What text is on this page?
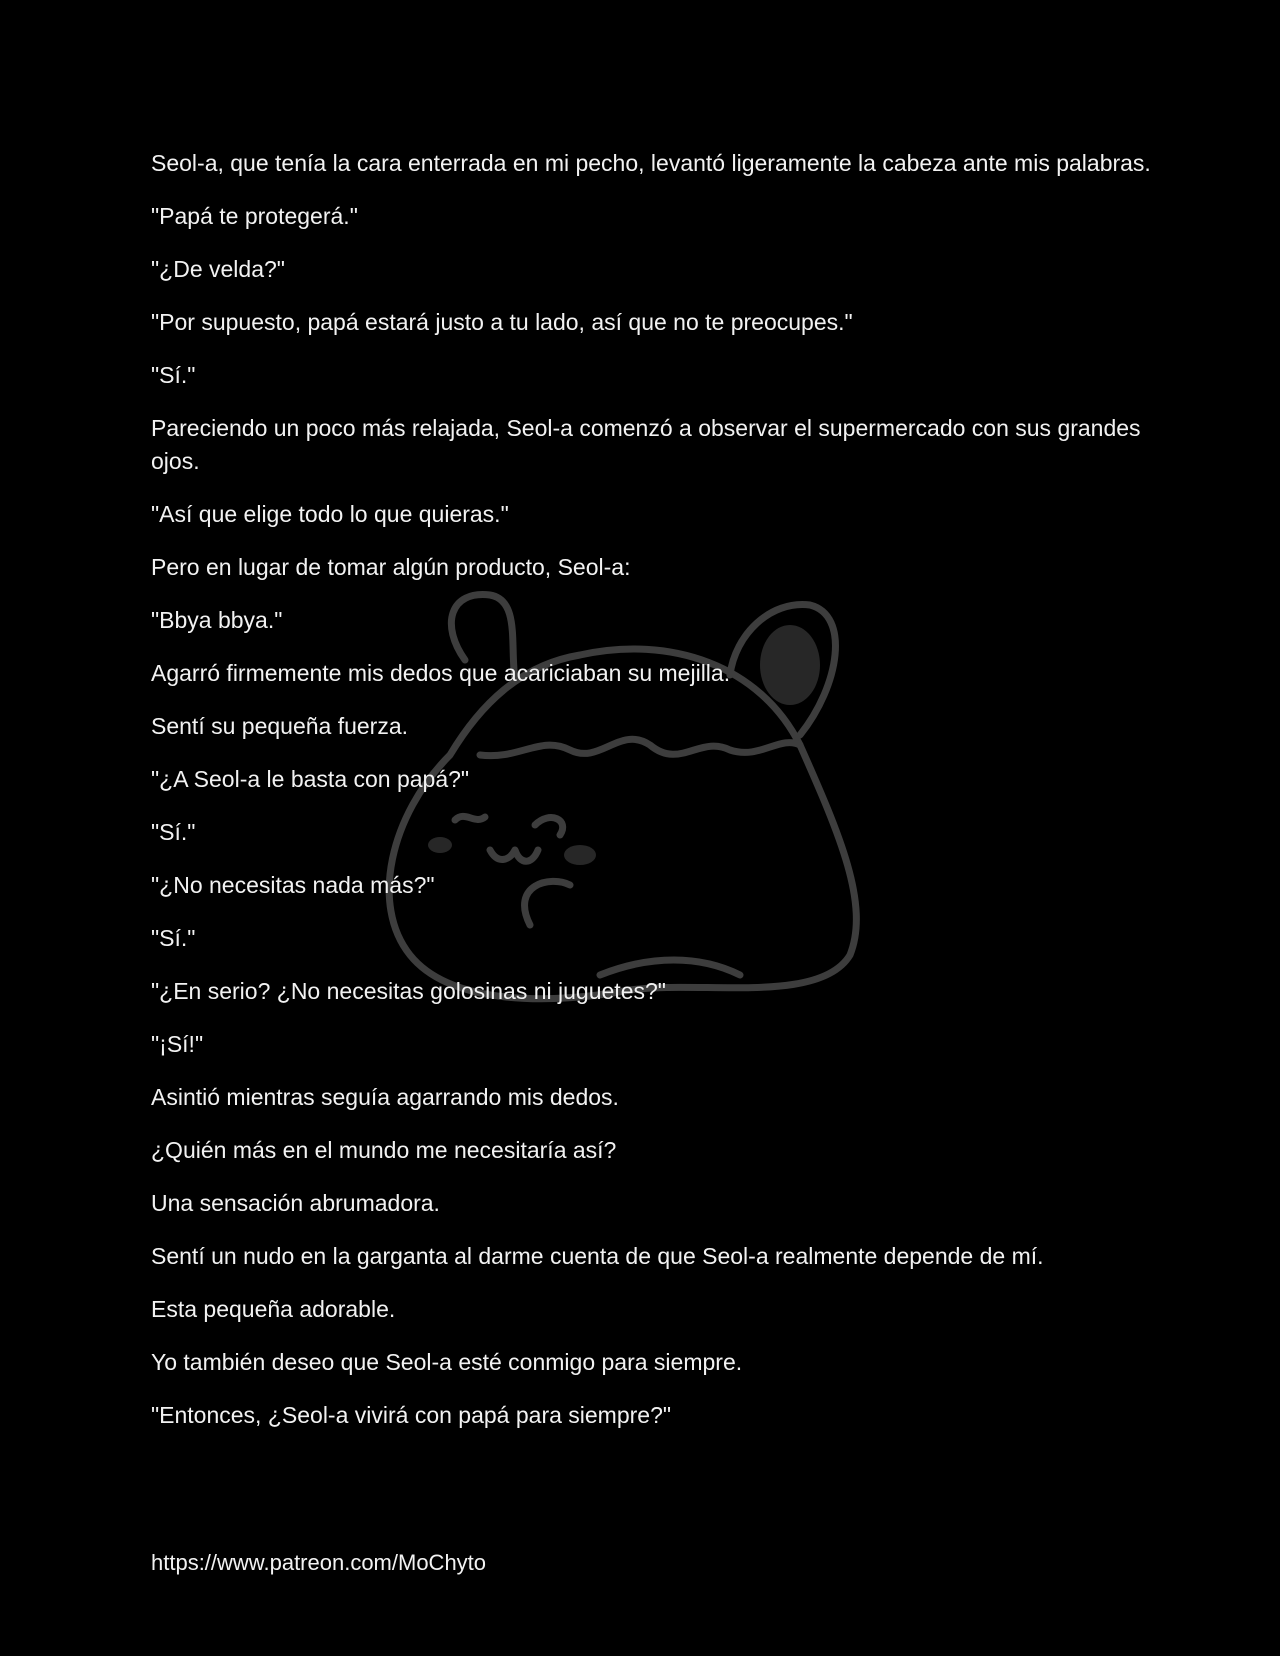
Seol-a, que tenía la cara enterrada en mi pecho, levantó ligeramente la cabeza ante mis palabras.

"Papá te protegerá."

"¿De velda?"

"Por supuesto, papá estará justo a tu lado, así que no te preocupes."

"Sí."

Pareciendo un poco más relajada, Seol-a comenzó a observar el supermercado con sus grandes ojos.

"Así que elige todo lo que quieras."

Pero en lugar de tomar algún producto, Seol-a:

"Bbya bbya."

Agarró firmemente mis dedos que acariciaban su mejilla.

Sentí su pequeña fuerza.

"¿A Seol-a le basta con papá?"

"Sí."

"¿No necesitas nada más?"

"Sí."

"¿En serio? ¿No necesitas golosinas ni juguetes?"

"¡Sí!"

Asintió mientras seguía agarrando mis dedos.

¿Quién más en el mundo me necesitaría así?

Una sensación abrumadora.

Sentí un nudo en la garganta al darme cuenta de que Seol-a realmente depende de mí.

Esta pequeña adorable.

Yo también deseo que Seol-a esté conmigo para siempre.

"Entonces, ¿Seol-a vivirá con papá para siempre?"

https://www.patreon.com/MoChyto
